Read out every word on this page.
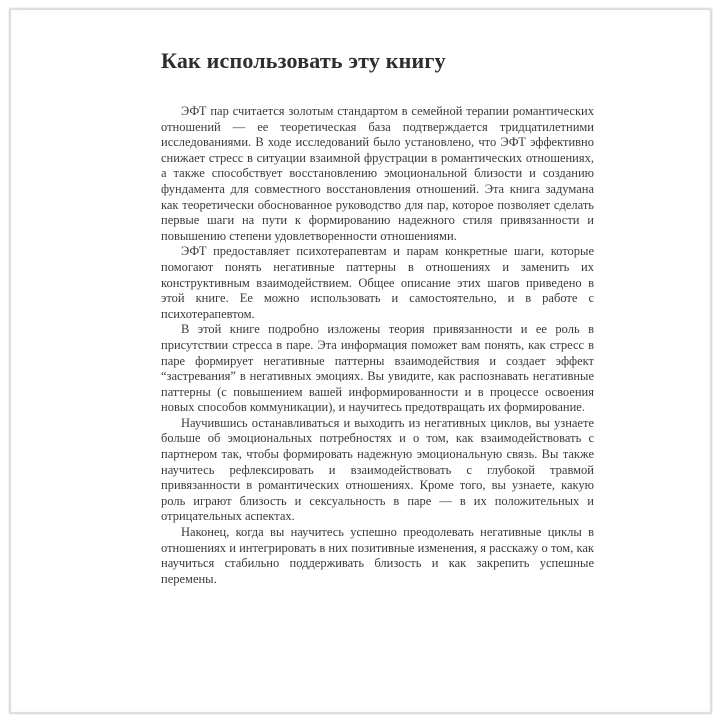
Как использовать эту книгу

ЭФТ пар считается золотым стандартом в семейной терапии романтических отношений — ее теоретическая база подтверждается тридцатилетними исследованиями. В ходе исследований было установлено, что ЭФТ эффективно снижает стресс в ситуации взаимной фрустрации в романтических отношениях, а также способствует восстановлению эмоциональной близости и созданию фундамента для совместного восстановления отношений. Эта книга задумана как теоретически обоснованное руководство для пар, которое позволяет сделать первые шаги на пути к формированию надежного стиля привязанности и повышению степени удовлетворенности отношениями.

ЭФТ предоставляет психотерапевтам и парам конкретные шаги, которые помогают понять негативные паттерны в отношениях и заменить их конструктивным взаимодействием. Общее описание этих шагов приведено в этой книге. Ее можно использовать и самостоятельно, и в работе с психотерапевтом.

В этой книге подробно изложены теория привязанности и ее роль в присутствии стресса в паре. Эта информация поможет вам понять, как стресс в паре формирует негативные паттерны взаимодействия и создает эффект “застревания” в негативных эмоциях. Вы увидите, как распознавать негативные паттерны (с повышением вашей информированности и в процессе освоения новых способов коммуникации), и научитесь предотвращать их формирование.

Научившись останавливаться и выходить из негативных циклов, вы узнаете больше об эмоциональных потребностях и о том, как взаимодействовать с партнером так, чтобы формировать надежную эмоциональную связь. Вы также научитесь рефлексировать и взаимодействовать с глубокой травмой привязанности в романтических отношениях. Кроме того, вы узнаете, какую роль играют близость и сексуальность в паре — в их положительных и отрицательных аспектах.

Наконец, когда вы научитесь успешно преодолевать негативные циклы в отношениях и интегрировать в них позитивные изменения, я расскажу о том, как научиться стабильно поддерживать близость и как закрепить успешные перемены.
